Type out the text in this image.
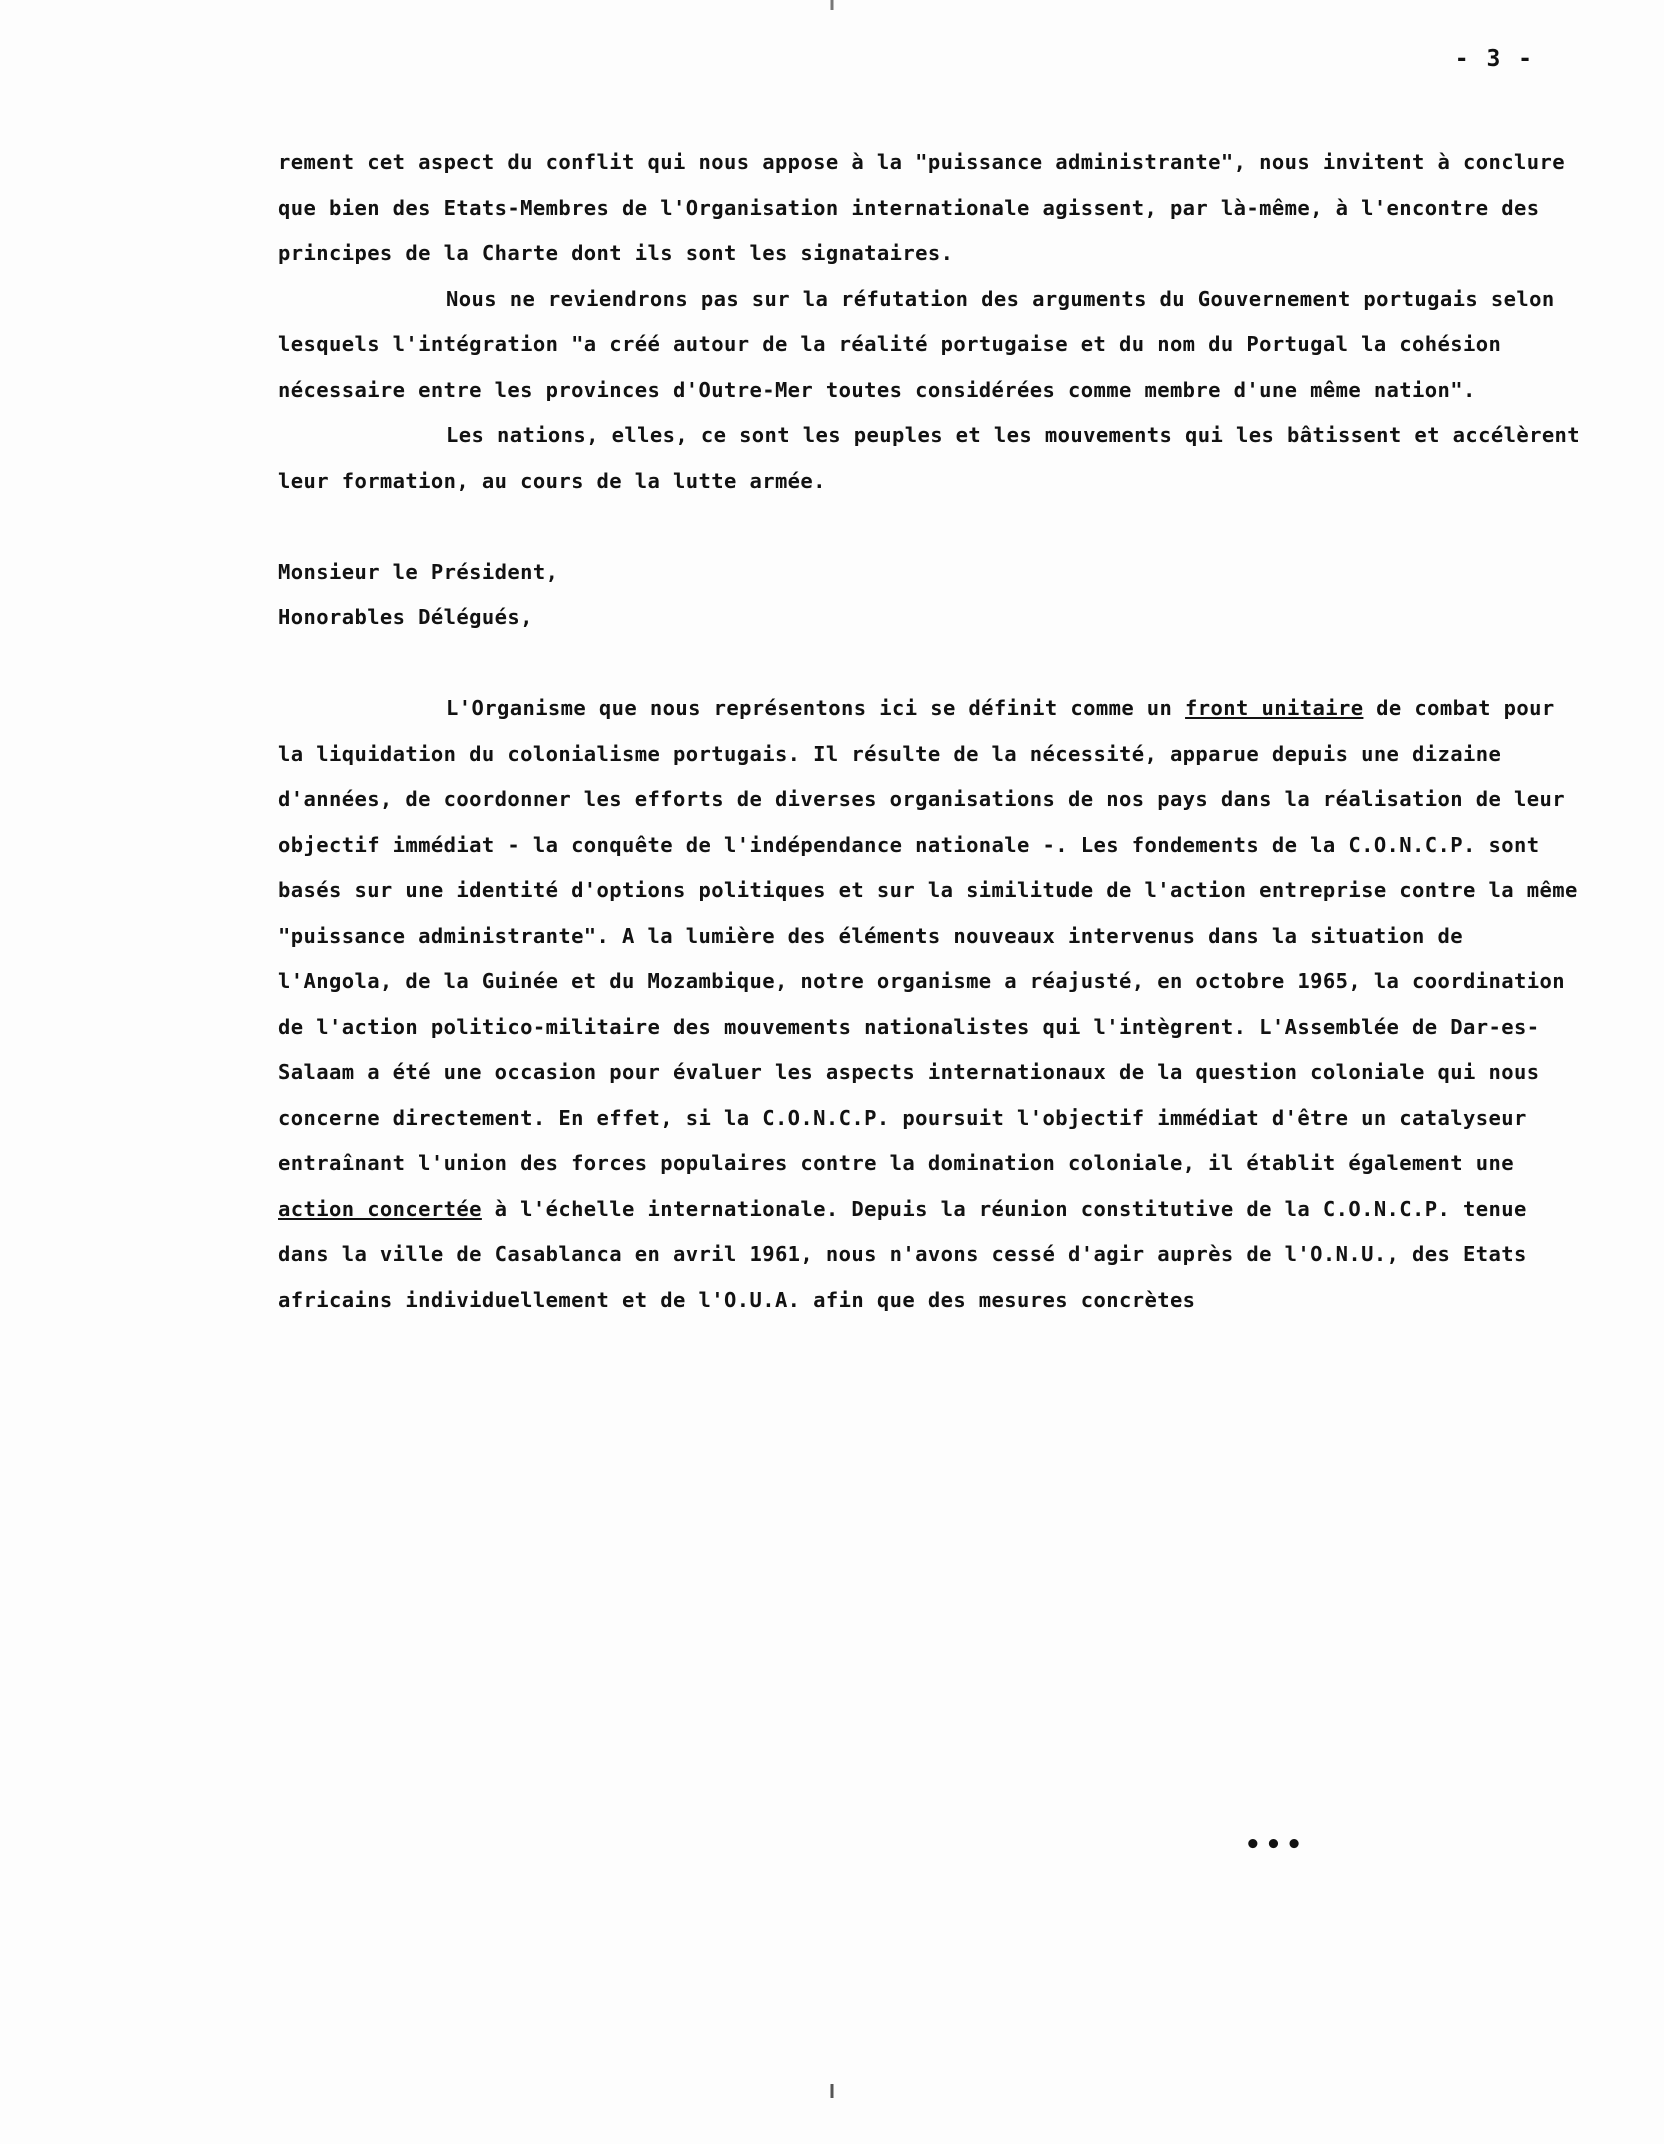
- 3 -

rement cet aspect du conflit qui nous appose à la "puissance administrante", nous invitent à conclure que bien des Etats-Membres de l'Organisation internationale agissent, par là-même, à l'encontre des principes de la Charte dont ils sont les signataires.

Nous ne reviendrons pas sur la réfutation des arguments du Gouvernement portugais selon lesquels l'intégration "a créé autour de la réalité portugaise et du nom du Portugal la cohésion nécessaire entre les provinces d'Outre-Mer toutes considérées comme membre d'une même nation".

Les nations, elles, ce sont les peuples et les mouvements qui les bâtissent et accélèrent leur formation, au cours de la lutte armée.

Monsieur le Président,
Honorables Délégués,

L'Organisme que nous représentons ici se définit comme un front unitaire de combat pour la liquidation du colonialisme portugais. Il résulte de la nécessité, apparue depuis une dizaine d'années, de coordonner les efforts de diverses organisations de nos pays dans la réalisation de leur objectif immédiat - la conquête de l'indépendance nationale -. Les fondements de la C.O.N.C.P. sont basés sur une identité d'options politiques et sur la similitude de l'action entreprise contre la même "puissance administrante". A la lumière des éléments nouveaux intervenus dans la situation de l'Angola, de la Guinée et du Mozambique, notre organisme a réajusté, en octobre 1965, la coordination de l'action politico-militaire des mouvements nationalistes qui l'intègrent. L'Assemblée de Dar-es-Salaam a été une occasion pour évaluer les aspects internationaux de la question coloniale qui nous concerne directement. En effet, si la C.O.N.C.P. poursuit l'objectif immédiat d'être un catalyseur entraînant l'union des forces populaires contre la domination coloniale, il établit également une action concertée à l'échelle internationale. Depuis la réunion constitutive de la C.O.N.C.P. tenue dans la ville de Casablanca en avril 1961, nous n'avons cessé d'agir auprès de l'O.N.U., des Etats africains individuellement et de l'O.U.A. afin que des mesures concrètes

•••
